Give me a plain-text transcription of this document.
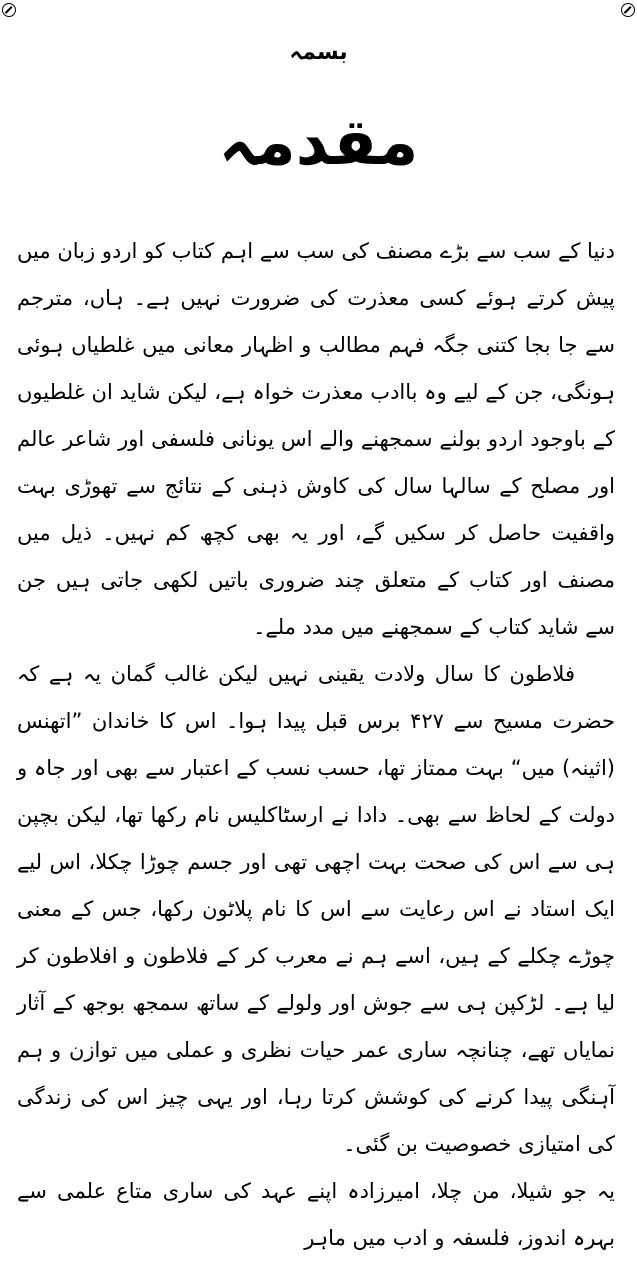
بسمہ
مقدمہ

دنیا کے سب سے بڑے مصنف کی سب سے اہم کتاب کو اردو زبان میں پیش کرتے ہوئے کسی معذرت کی ضرورت نہیں ہے۔ ہاں، مترجم سے جا بجا کتنی جگہ فہم مطالب و اظہار معانی میں غلطیاں ہوئی ہونگی، جن کے لیے وہ باادب معذرت خواہ ہے، لیکن شاید ان غلطیوں کے باوجود اردو بولنے سمجھنے والے اس یونانی فلسفی اور شاعر عالم اور مصلح کے سالہا سال کی کاوش ذہنی کے نتائج سے تھوڑی بہت واقفیت حاصل کر سکیں گے، اور یہ بھی کچھ کم نہیں۔ ذیل میں مصنف اور کتاب کے متعلق چند ضروری باتیں لکھی جاتی ہیں جن سے شاید کتاب کے سمجھنے میں مدد ملے۔

فلاطون کا سال ولادت یقینی نہیں لیکن غالب گمان یہ ہے کہ حضرت مسیح سے ۴۲۷ برس قبل پیدا ہوا۔ اس کا خاندان ”اتھنس (اثینہ) میں“ بہت ممتاز تھا، حسب نسب کے اعتبار سے بھی اور جاہ و دولت کے لحاظ سے بھی۔ دادا نے ارسٹاکلیس نام رکھا تھا، لیکن بچپن ہی سے اس کی صحت بہت اچھی تھی اور جسم چوڑا چکلا، اس لیے ایک استاد نے اس رعایت سے اس کا نام پلاٹون رکھا، جس کے معنی چوڑے چکلے کے ہیں، اسے ہم نے معرب کر کے فلاطون و افلاطون کر لیا ہے۔ لڑکپن ہی سے جوش اور ولولے کے ساتھ سمجھ بوجھ کے آثار نمایاں تھے، چنانچہ ساری عمر حیات نظری و عملی میں توازن و ہم آہنگی پیدا کرنے کی کوشش کرتا رہا، اور یہی چیز اس کی زندگی کی امتیازی خصوصیت بن گئی۔

یہ جو شیلا، من چلا، امیرزادہ اپنے عہد کی ساری متاع علمی سے بہرہ اندوز، فلسفہ و ادب میں ماہر
